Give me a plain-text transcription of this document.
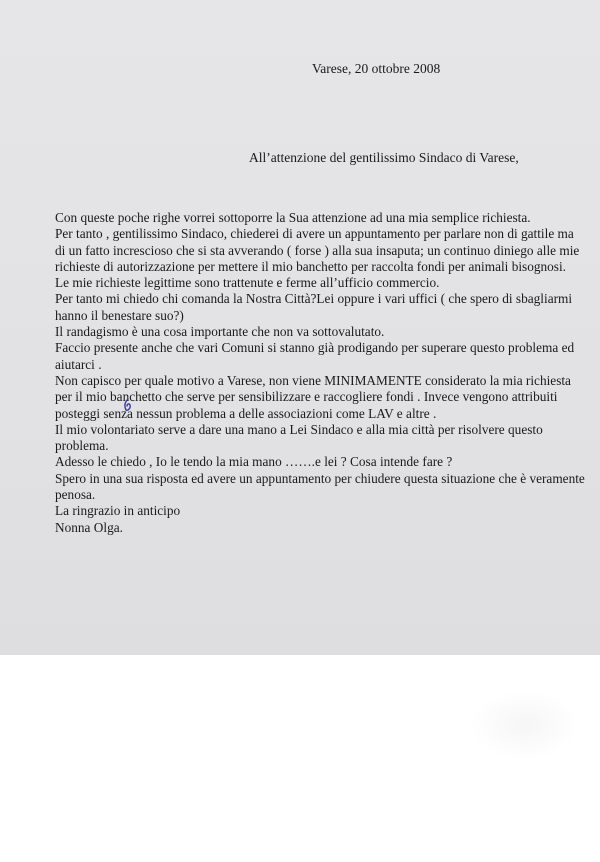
Varese, 20 ottobre 2008
All’attenzione del gentilissimo Sindaco di Varese,
Con queste poche righe vorrei sottoporre la Sua attenzione ad una mia semplice richiesta.
Per tanto , gentilissimo Sindaco, chiederei di avere un appuntamento per parlare non di gattile ma
di un fatto increscioso che si sta avverando ( forse ) alla sua insaputa; un continuo diniego alle mie
richieste di autorizzazione per mettere il mio banchetto per raccolta fondi per animali bisognosi.
Le mie richieste legittime sono trattenute e ferme all’ufficio commercio.
Per tanto mi chiedo chi comanda la Nostra Città?Lei oppure i vari uffici ( che spero di sbagliarmi
hanno il benestare suo?)
Il randagismo è una cosa importante che non va sottovalutato.
Faccio presente anche che vari Comuni si stanno già prodigando per superare questo problema ed
aiutarci .
Non capisco per quale motivo a Varese, non viene MINIMAMENTE considerato la mia richiesta
per il mio banchetto che serve per sensibilizzare e raccogliere fondi . Invece vengono attribuiti
posteggi senza nessun problema a delle associazioni come LAV e altre .
Il mio volontariato serve a dare una mano a Lei Sindaco e alla mia città per risolvere questo
problema.
Adesso le chiedo , Io le tendo la mia mano …….e lei ? Cosa intende fare ?
Spero in una sua risposta ed avere un appuntamento per chiudere questa situazione che è veramente
penosa.
La ringrazio in anticipo
Nonna Olga.
